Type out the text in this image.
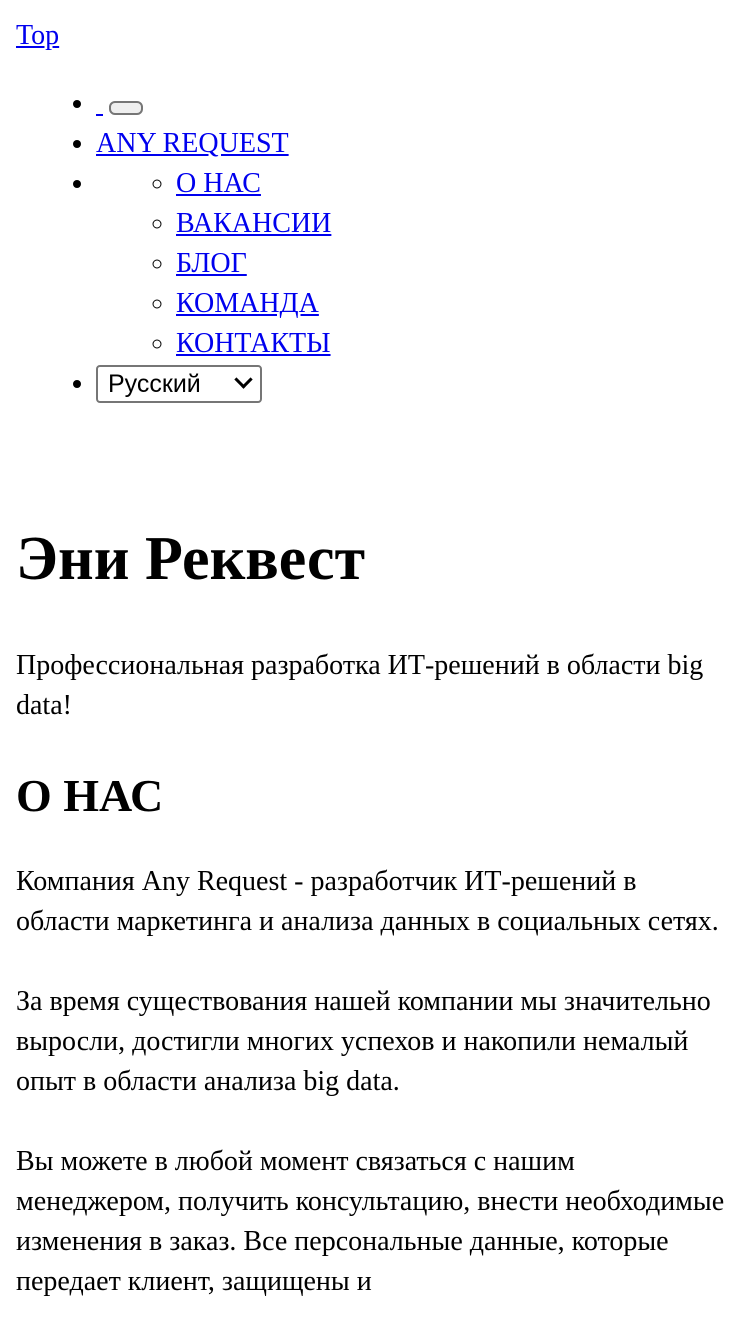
Top
•
• ANY REQUEST
◦ • О НАС
◦ ВАКАНСИИ
◦ БЛОГ
◦ КОМАНДА
◦ КОНТАКТЫ
• Русский
Эни Реквест

Профессиональная разработка ИТ-решений в области big data!

О НАС

Компания Any Request - разработчик ИТ-решений в области маркетинга и анализа данных в социальных сетях.

За время существования нашей компании мы значительно выросли, достигли многих успехов и накопили немалый опыт в области анализа big data.

Вы можете в любой момент связаться с нашим менеджером, получить консультацию, внести необходимые изменения в заказ. Все персональные данные, которые передает клиент, защищены и
